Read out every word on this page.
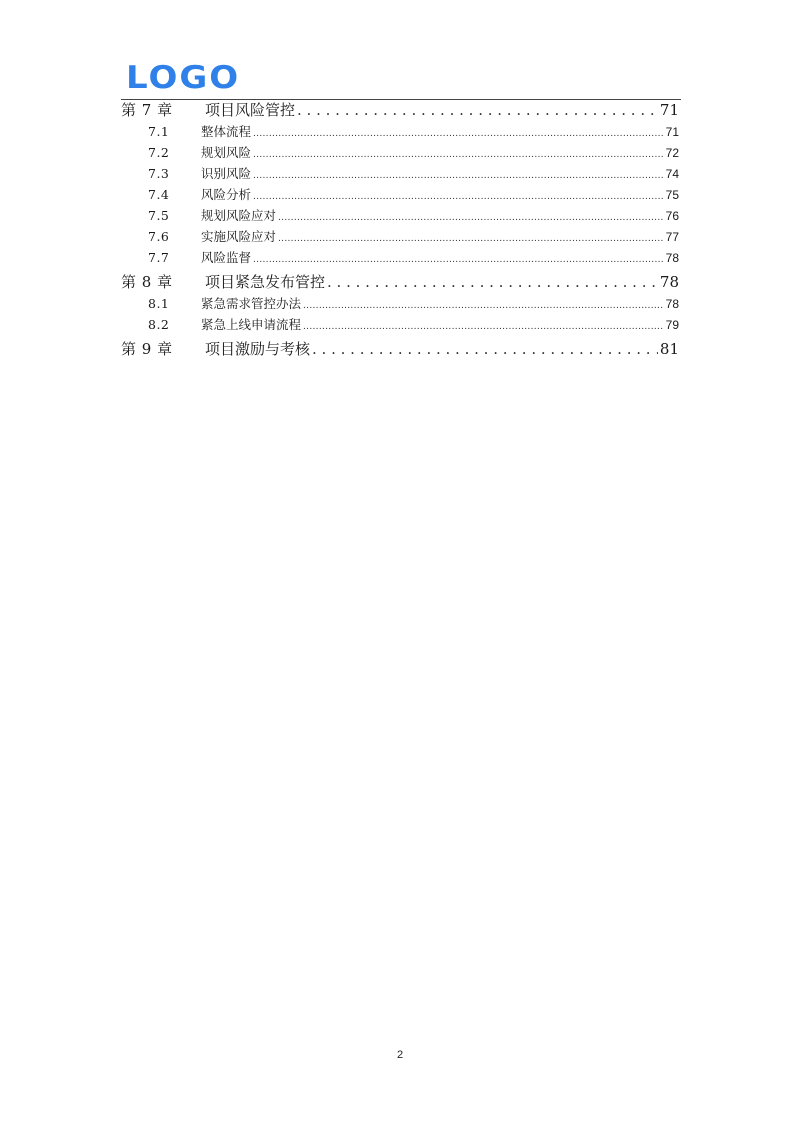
LOGO
第 7 章	项目风险管控 . . .	71
7.1	整体流程 .....	71
7.2	规划风险 .....	72
7.3	识别风险 .....	74
7.4	风险分析 .....	75
7.5	规划风险应对 .....	76
7.6	实施风险应对 .....	77
7.7	风险监督 .....	78
第 8 章	项目紧急发布管控 . . .	78
8.1	紧急需求管控办法 .....	78
8.2	紧急上线申请流程 .....	79
第 9 章	项目激励与考核 . . .	81
2
